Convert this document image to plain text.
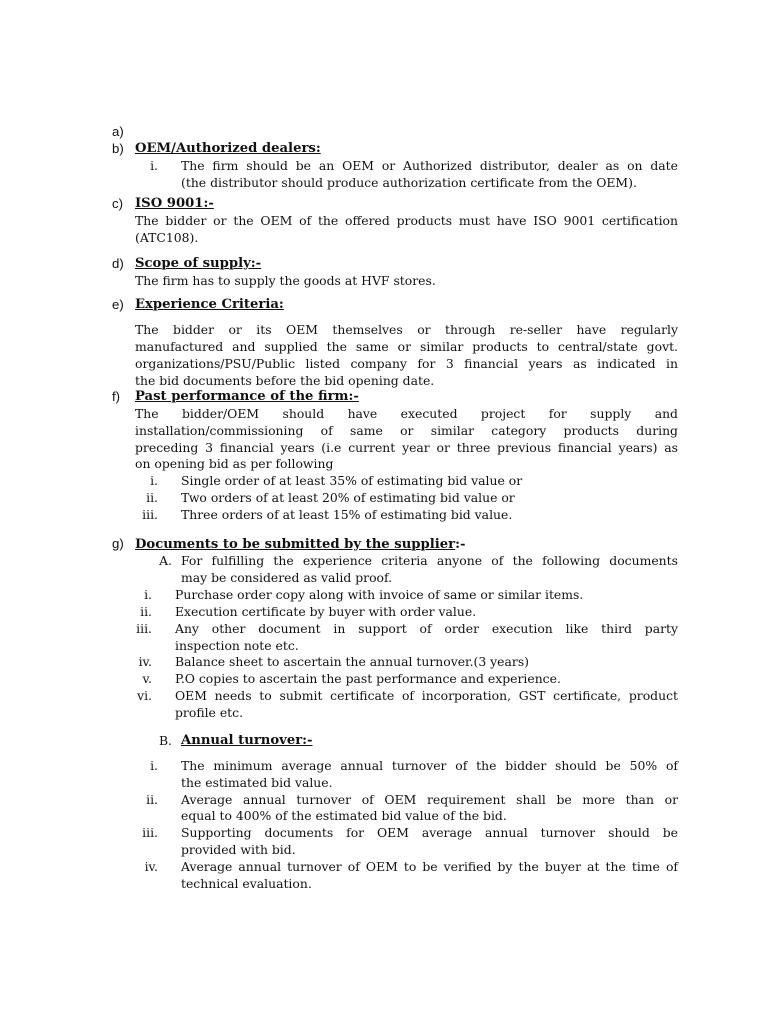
a)
b) OEM/Authorized dealers:
i. The firm should be an OEM or Authorized distributor, dealer as on date
(the distributor should produce authorization certificate from the OEM).
c) ISO 9001:-
The bidder or the OEM of the offered products must have ISO 9001 certification
(ATC108).
d) Scope of supply:-
The firm has to supply the goods at HVF stores.
e) Experience Criteria:
The bidder or its OEM themselves or through re-seller have regularly
manufactured and supplied the same or similar products to central/state govt.
organizations/PSU/Public listed company for 3 financial years as indicated in
the bid documents before the bid opening date.
f) Past performance of the firm:-
The bidder/OEM should have executed project for supply and
installation/commissioning of same or similar category products during
preceding 3 financial years (i.e current year or three previous financial years) as
on opening bid as per following
i. Single order of at least 35% of estimating bid value or
ii. Two orders of at least 20% of estimating bid value or
iii. Three orders of at least 15% of estimating bid value.
g) Documents to be submitted by the supplier:-
A. For fulfilling the experience criteria anyone of the following documents
may be considered as valid proof.
i. Purchase order copy along with invoice of same or similar items.
ii. Execution certificate by buyer with order value.
iii. Any other document in support of order execution like third party
inspection note etc.
iv. Balance sheet to ascertain the annual turnover.(3 years)
v. P.O copies to ascertain the past performance and experience.
vi. OEM needs to submit certificate of incorporation, GST certificate, product
profile etc.
B. Annual turnover:-
i. The minimum average annual turnover of the bidder should be 50% of
the estimated bid value.
ii. Average annual turnover of OEM requirement shall be more than or
equal to 400% of the estimated bid value of the bid.
iii. Supporting documents for OEM average annual turnover should be
provided with bid.
iv. Average annual turnover of OEM to be verified by the buyer at the time of
technical evaluation.
